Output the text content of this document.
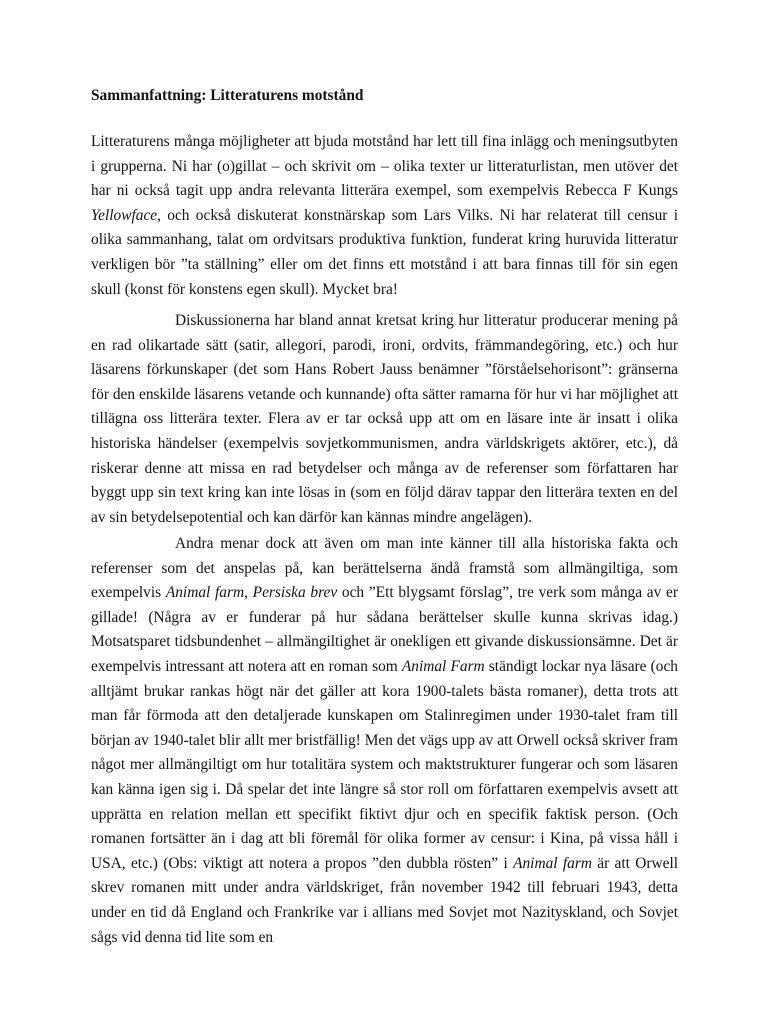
Sammanfattning: Litteraturens motstånd

Litteraturens många möjligheter att bjuda motstånd har lett till fina inlägg och meningsutbyten i grupperna. Ni har (o)gillat – och skrivit om – olika texter ur litteraturlistan, men utöver det har ni också tagit upp andra relevanta litterära exempel, som exempelvis Rebecca F Kungs Yellowface, och också diskuterat konstnärskap som Lars Vilks. Ni har relaterat till censur i olika sammanhang, talat om ordvitsars produktiva funktion, funderat kring huruvida litteratur verkligen bör ”ta ställning” eller om det finns ett motstånd i att bara finnas till för sin egen skull (konst för konstens egen skull). Mycket bra!

Diskussionerna har bland annat kretsat kring hur litteratur producerar mening på en rad olikartade sätt (satir, allegori, parodi, ironi, ordvits, främmandegöring, etc.) och hur läsarens förkunskaper (det som Hans Robert Jauss benämner ”förståelsehorisont”: gränserna för den enskilde läsarens vetande och kunnande) ofta sätter ramarna för hur vi har möjlighet att tillägna oss litterära texter. Flera av er tar också upp att om en läsare inte är insatt i olika historiska händelser (exempelvis sovjetkommunismen, andra världskrigets aktörer, etc.), då riskerar denne att missa en rad betydelser och många av de referenser som författaren har byggt upp sin text kring kan inte lösas in (som en följd därav tappar den litterära texten en del av sin betydelsepotential och kan därför kan kännas mindre angelägen).

Andra menar dock att även om man inte känner till alla historiska fakta och referenser som det anspelas på, kan berättelserna ändå framstå som allmängiltiga, som exempelvis Animal farm, Persiska brev och ”Ett blygsamt förslag”, tre verk som många av er gillade! (Några av er funderar på hur sådana berättelser skulle kunna skrivas idag.) Motsatsparet tidsbundenhet – allmängiltighet är onekligen ett givande diskussionsämne. Det är exempelvis intressant att notera att en roman som Animal Farm ständigt lockar nya läsare (och alltjämt brukar rankas högt när det gäller att kora 1900-talets bästa romaner), detta trots att man får förmoda att den detaljerade kunskapen om Stalinregimen under 1930-talet fram till början av 1940-talet blir allt mer bristfällig! Men det vägs upp av att Orwell också skriver fram något mer allmängiltigt om hur totalitära system och maktstrukturer fungerar och som läsaren kan känna igen sig i. Då spelar det inte längre så stor roll om författaren exempelvis avsett att upprätta en relation mellan ett specifikt fiktivt djur och en specifik faktisk person. (Och romanen fortsätter än i dag att bli föremål för olika former av censur: i Kina, på vissa håll i USA, etc.) (Obs: viktigt att notera a propos ”den dubbla rösten” i Animal farm är att Orwell skrev romanen mitt under andra världskriget, från november 1942 till februari 1943, detta under en tid då England och Frankrike var i allians med Sovjet mot Nazityskland, och Sovjet sågs vid denna tid lite som en
